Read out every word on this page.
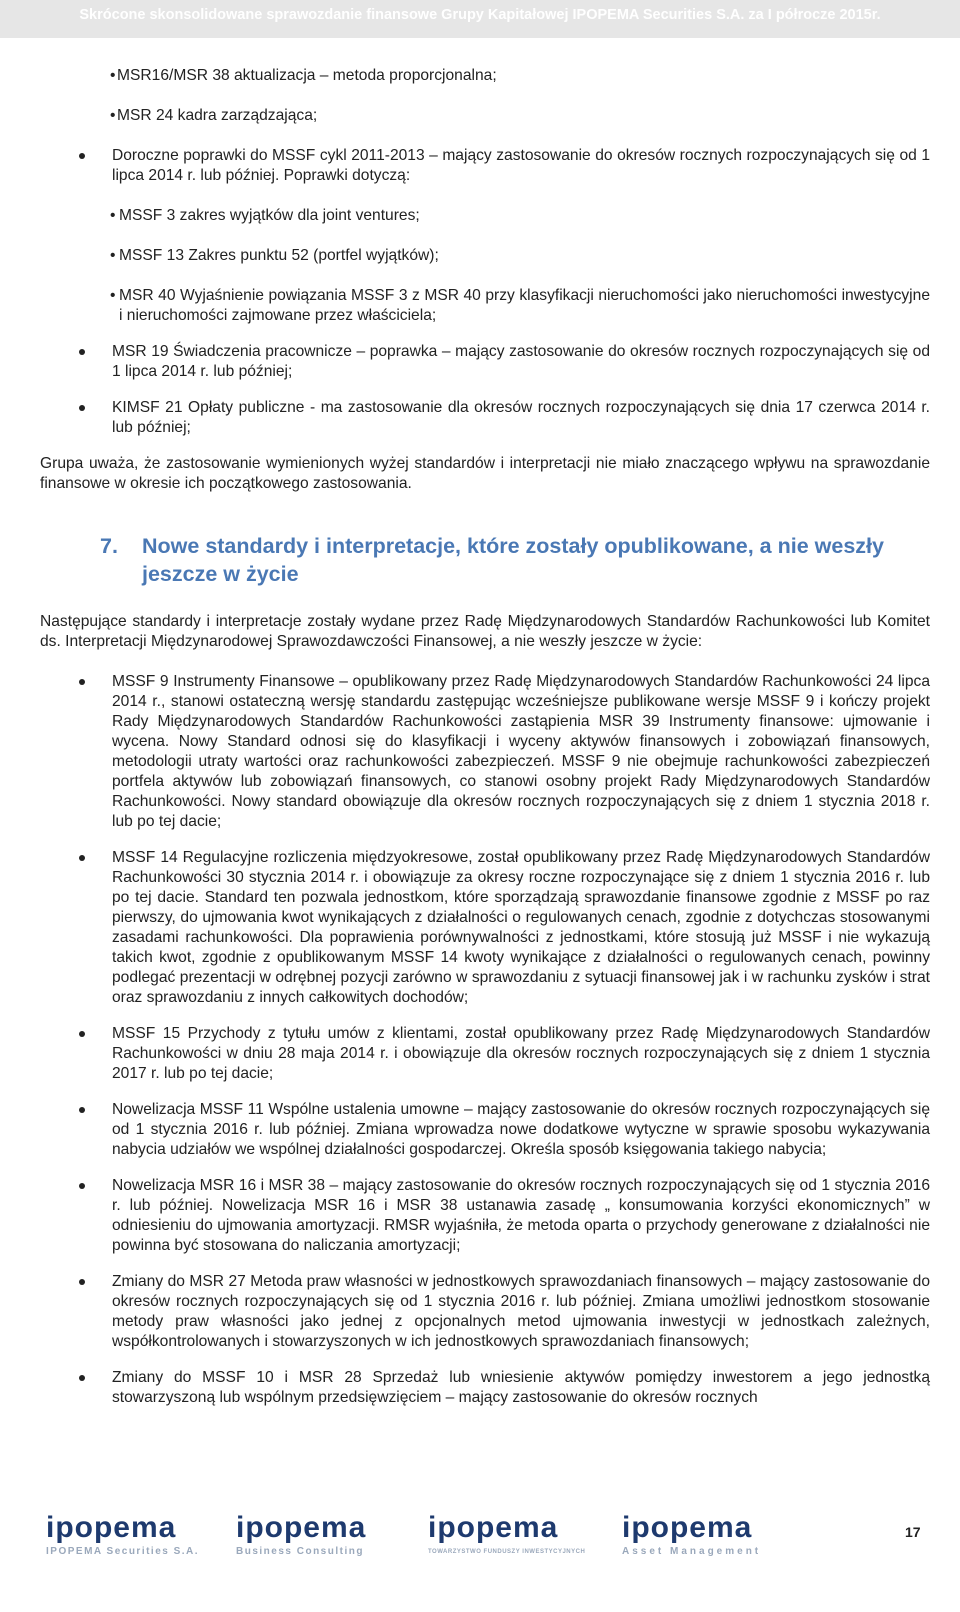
Skrócone skonsolidowane sprawozdanie finansowe Grupy Kapitałowej IPOPEMA Securities S.A. za I półrocze 2015r.
• MSR16/MSR 38 aktualizacja – metoda proporcjonalna;
• MSR 24 kadra zarządzająca;
Doroczne poprawki do MSSF cykl 2011-2013 – mający zastosowanie do okresów rocznych rozpoczynających się od 1 lipca 2014 r. lub później. Poprawki dotyczą:
• MSSF 3 zakres wyjątków dla joint ventures;
• MSSF 13 Zakres punktu 52 (portfel wyjątków);
• MSR 40 Wyjaśnienie powiązania MSSF 3 z MSR 40 przy klasyfikacji nieruchomości jako nieruchomości inwestycyjne i nieruchomości zajmowane przez właściciela;
MSR 19 Świadczenia pracownicze – poprawka – mający zastosowanie do okresów rocznych rozpoczynających się od 1 lipca 2014 r. lub później;
KIMSF 21 Opłaty publiczne - ma zastosowanie dla okresów rocznych rozpoczynających się dnia 17 czerwca 2014 r. lub później;
Grupa uważa, że zastosowanie wymienionych wyżej standardów i interpretacji nie miało znaczącego wpływu na sprawozdanie finansowe w okresie ich początkowego zastosowania.
7. Nowe standardy i interpretacje, które zostały opublikowane, a nie weszły jeszcze w życie
Następujące standardy i interpretacje zostały wydane przez Radę Międzynarodowych Standardów Rachunkowości lub Komitet ds. Interpretacji Międzynarodowej Sprawozdawczości Finansowej, a nie weszły jeszcze w życie:
MSSF 9 Instrumenty Finansowe – opublikowany przez Radę Międzynarodowych Standardów Rachunkowości 24 lipca 2014 r., stanowi ostateczną wersję standardu zastępując wcześniejsze publikowane wersje MSSF 9 i kończy projekt Rady Międzynarodowych Standardów Rachunkowości zastąpienia MSR 39 Instrumenty finansowe: ujmowanie i wycena. Nowy Standard odnosi się do klasyfikacji i wyceny aktywów finansowych i zobowiązań finansowych, metodologii utraty wartości oraz rachunkowości zabezpieczeń. MSSF 9 nie obejmuje rachunkowości zabezpieczeń portfela aktywów lub zobowiązań finansowych, co stanowi osobny projekt Rady Międzynarodowych Standardów Rachunkowości. Nowy standard obowiązuje dla okresów rocznych rozpoczynających się z dniem 1 stycznia 2018 r. lub po tej dacie;
MSSF 14 Regulacyjne rozliczenia międzyokresowe, został opublikowany przez Radę Międzynarodowych Standardów Rachunkowości 30 stycznia 2014 r. i obowiązuje za okresy roczne rozpoczynające się z dniem 1 stycznia 2016 r. lub po tej dacie. Standard ten pozwala jednostkom, które sporządzają sprawozdanie finansowe zgodnie z MSSF po raz pierwszy, do ujmowania kwot wynikających z działalności o regulowanych cenach, zgodnie z dotychczas stosowanymi zasadami rachunkowości. Dla poprawienia porównywalności z jednostkami, które stosują już MSSF i nie wykazują takich kwot, zgodnie z opublikowanym MSSF 14 kwoty wynikające z działalności o regulowanych cenach, powinny podlegać prezentacji w odrębnej pozycji zarówno w sprawozdaniu z sytuacji finansowej jak i w rachunku zysków i strat oraz sprawozdaniu z innych całkowitych dochodów;
MSSF 15 Przychody z tytułu umów z klientami, został opublikowany przez Radę Międzynarodowych Standardów Rachunkowości w dniu 28 maja 2014 r. i obowiązuje dla okresów rocznych rozpoczynających się z dniem 1 stycznia 2017 r. lub po tej dacie;
Nowelizacja MSSF 11 Wspólne ustalenia umowne – mający zastosowanie do okresów rocznych rozpoczynających się od 1 stycznia 2016 r. lub później. Zmiana wprowadza nowe dodatkowe wytyczne w sprawie sposobu wykazywania nabycia udziałów we wspólnej działalności gospodarczej. Określa sposób księgowania takiego nabycia;
Nowelizacja MSR 16 i MSR 38 – mający zastosowanie do okresów rocznych rozpoczynających się od 1 stycznia 2016 r. lub później. Nowelizacja MSR 16 i MSR 38 ustanawia zasadę „ konsumowania korzyści ekonomicznych” w odniesieniu do ujmowania amortyzacji. RMSR wyjaśniła, że metoda oparta o przychody generowane z działalności nie powinna być stosowana do naliczania amortyzacji;
Zmiany do MSR 27 Metoda praw własności w jednostkowych sprawozdaniach finansowych – mający zastosowanie do okresów rocznych rozpoczynających się od 1 stycznia 2016 r. lub później. Zmiana umożliwi jednostkom stosowanie metody praw własności jako jednej z opcjonalnych metod ujmowania inwestycji w jednostkach zależnych, współkontrolowanych i stowarzyszonych w ich jednostkowych sprawozdaniach finansowych;
Zmiany do MSSF 10 i MSR 28 Sprzedaż lub wniesienie aktywów pomiędzy inwestorem a jego jednostką stowarzyszoną lub wspólnym przedsięwzięciem – mający zastosowanie do okresów rocznych
ipopema
IPOPEMA Securities S.A.
ipopema
Business Consulting
ipopema
TOWARZYSTWO FUNDUSZY INWESTYCYJNYCH
ipopema
Asset Management
17
